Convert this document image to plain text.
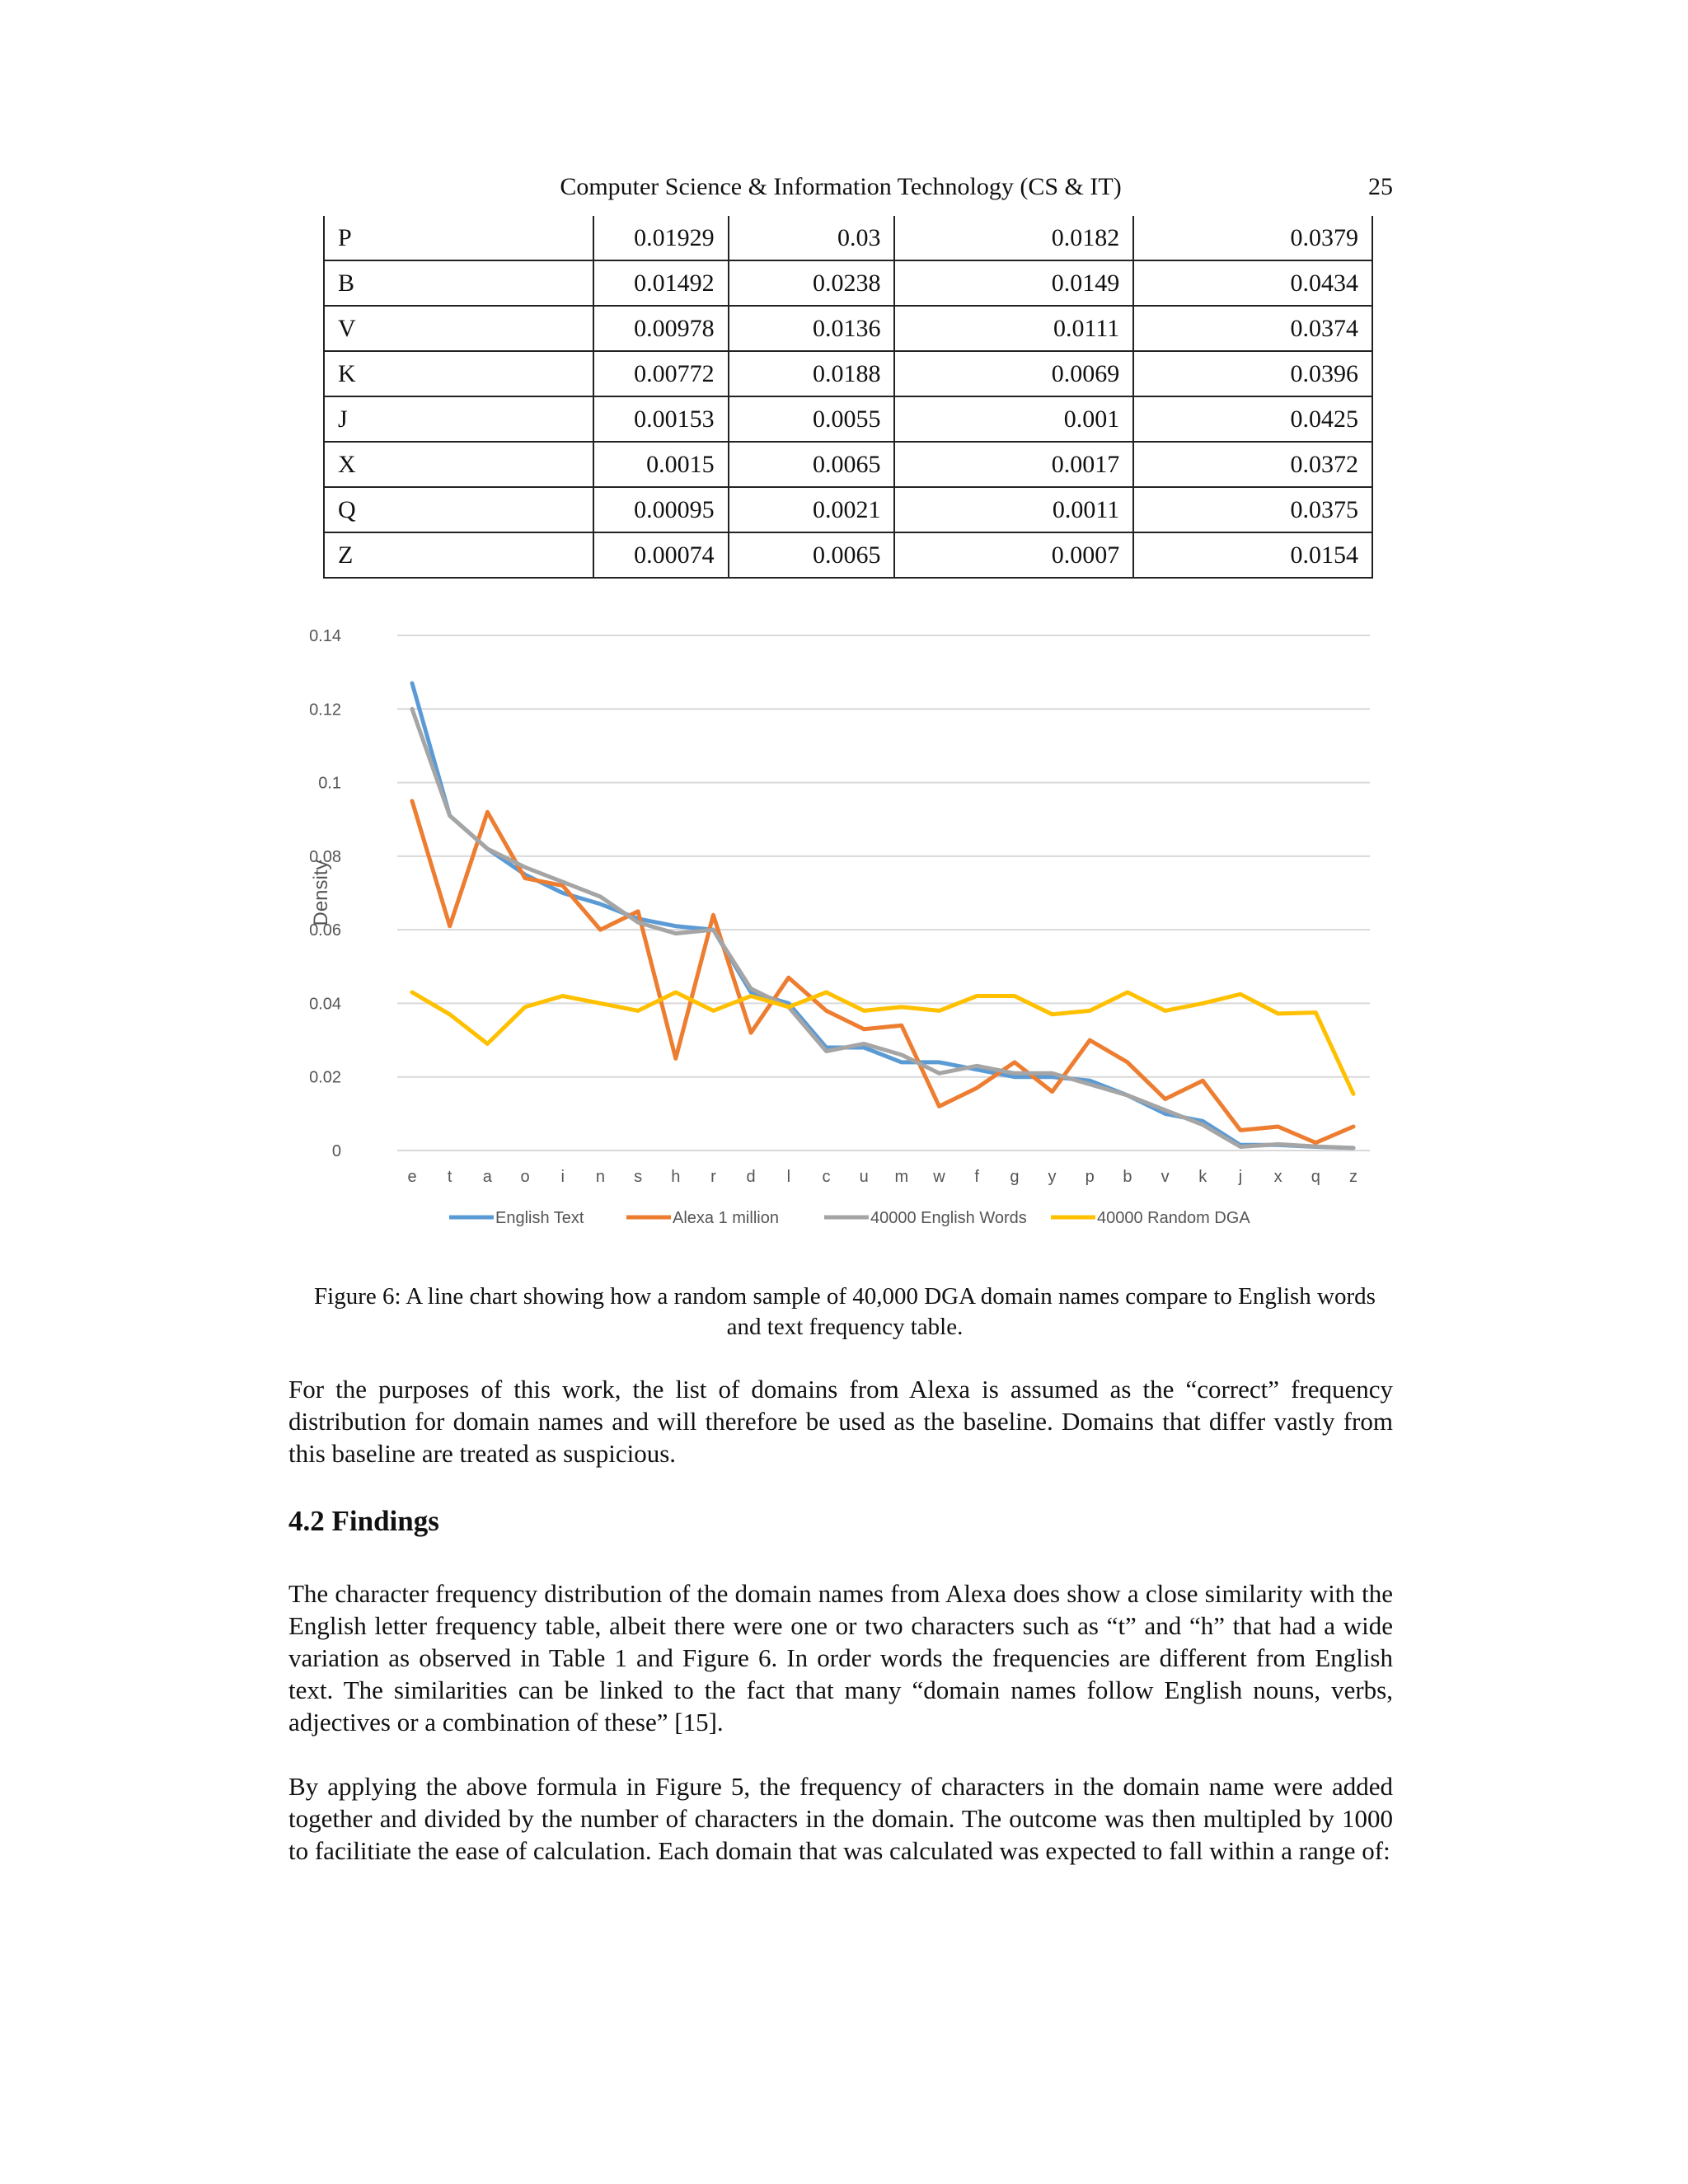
Computer Science & Information Technology (CS & IT)	25
P	0.01929	0.03	0.0182	0.0379
B	0.01492	0.0238	0.0149	0.0434
V	0.00978	0.0136	0.0111	0.0374
K	0.00772	0.0188	0.0069	0.0396
J	0.00153	0.0055	0.001	0.0425
X	0.0015	0.0065	0.0017	0.0372
Q	0.00095	0.0021	0.0011	0.0375
Z	0.00074	0.0065	0.0007	0.0154
0
0.02
0.04
0.06
0.08
0.1
0.12
0.14
Density
e t a o i n s h r d l c u m w f g y p b v k j x q z
English Text	Alexa 1 million	40000 English Words	40000 Random DGA
Figure 6: A line chart showing how a random sample of 40,000 DGA domain names compare to English words and text frequency table.

For the purposes of this work, the list of domains from Alexa is assumed as the “correct” frequency distribution for domain names and will therefore be used as the baseline. Domains that differ vastly from this baseline are treated as suspicious.

4.2 Findings

The character frequency distribution of the domain names from Alexa does show a close similarity with the English letter frequency table, albeit there were one or two characters such as “t” and “h” that had a wide variation as observed in Table 1 and Figure 6. In order words the frequencies are different from English text. The similarities can be linked to the fact that many “domain names follow English nouns, verbs, adjectives or a combination of these” [15].

By applying the above formula in Figure 5, the frequency of characters in the domain name were added together and divided by the number of characters in the domain. The outcome was then multipled by 1000 to facilitiate the ease of calculation. Each domain that was calculated was expected to fall within a range of:
